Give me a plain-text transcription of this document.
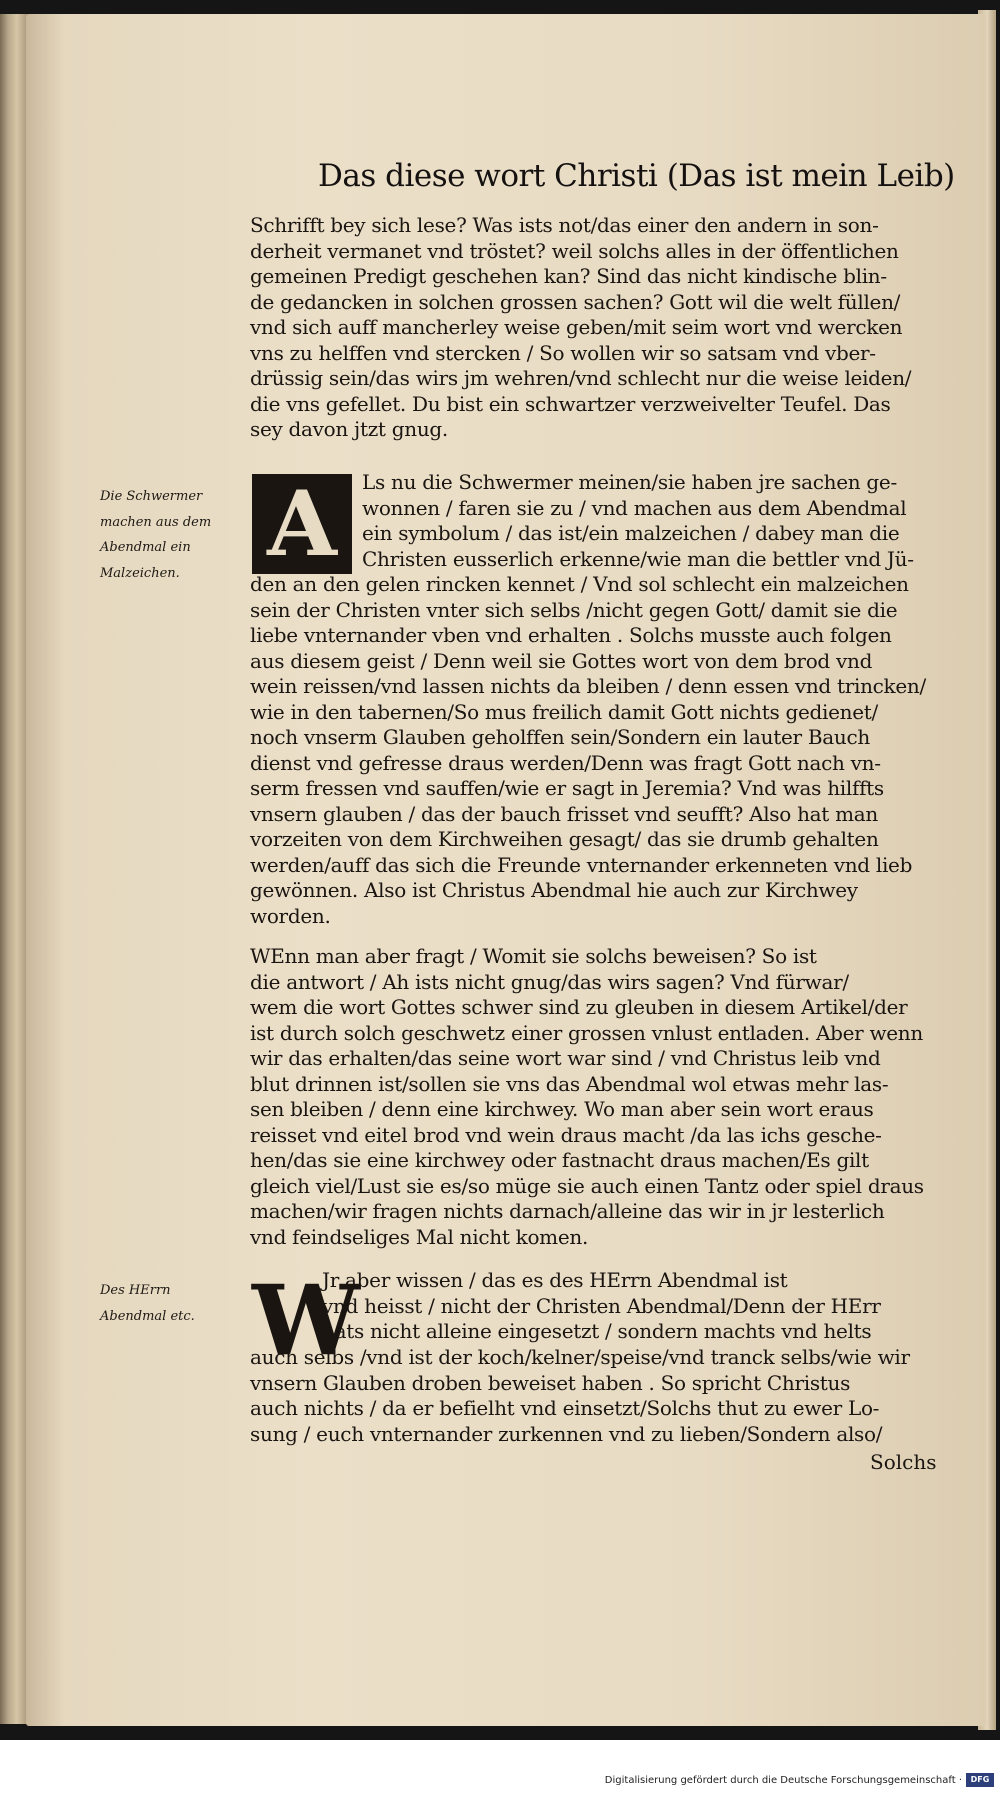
Das diese wort Christi (Das ist mein Leib)
Schrifft bey sich lese? Was ists not/das einer den andern in son-
derheit vermanet vnd tröstet? weil solchs alles in der öffentlichen
gemeinen Predigt geschehen kan? Sind das nicht kindische blin-
de gedancken in solchen grossen sachen? Gott wil die welt füllen/
vnd sich auff mancherley weise geben/mit seim wort vnd wercken
vns zu helffen vnd stercken / So wollen wir so satsam vnd vber-
drüssig sein/das wirs jm wehren/vnd schlecht nur die weise leiden/
die vns gefellet. Du bist ein schwartzer verzweivelter Teufel. Das
sey davon jtzt gnug.
Die Schwermer
machen aus dem
Abendmal ein
Malzeichen. A	Ls nu die Schwermer meinen/sie haben jre sachen ge-
wonnen / faren sie zu / vnd machen aus dem Abendmal
ein symbolum / das ist/ein malzeichen / dabey man die
Christen eusserlich erkenne/wie man die bettler vnd Jü-
den an den gelen rincken kennet / Vnd sol schlecht ein malzeichen
sein der Christen vnter sich selbs /nicht gegen Gott/ damit sie die
liebe vnternander vben vnd erhalten . Solchs musste auch folgen
aus diesem geist / Denn weil sie Gottes wort von dem brod vnd
wein reissen/vnd lassen nichts da bleiben / denn essen vnd trincken/
wie in den tabernen/So mus freilich damit Gott nichts gedienet/
noch vnserm Glauben geholffen sein/Sondern ein lauter Bauch
dienst vnd gefresse draus werden/Denn was fragt Gott nach vn-
serm fressen vnd sauffen/wie er sagt in Jeremia? Vnd was hilffts
vnsern glauben / das der bauch frisset vnd seufft? Also hat man
vorzeiten von dem Kirchweihen gesagt/ das sie drumb gehalten
werden/auff das sich die Freunde vnternander erkenneten vnd lieb
gewönnen. Also ist Christus Abendmal hie auch zur Kirchwey
worden.
WEnn man aber fragt / Womit sie solchs beweisen? So ist
die antwort / Ah ists nicht gnug/das wirs sagen? Vnd fürwar/
wem die wort Gottes schwer sind zu gleuben in diesem Artikel/der
ist durch solch geschwetz einer grossen vnlust entladen. Aber wenn
wir das erhalten/das seine wort war sind / vnd Christus leib vnd
blut drinnen ist/sollen sie vns das Abendmal wol etwas mehr las-
sen bleiben / denn eine kirchwey. Wo man aber sein wort eraus
reisset vnd eitel brod vnd wein draus macht /da las ichs gesche-
hen/das sie eine kirchwey oder fastnacht draus machen/Es gilt
gleich viel/Lust sie es/so müge sie auch einen Tantz oder spiel draus
machen/wir fragen nichts darnach/alleine das wir in jr lesterlich
vnd feindseliges Mal nicht komen.
Des HErrn
Abendmal etc. W
Jr aber wissen / das es des HErrn Abendmal ist
vnd heisst / nicht der Christen Abendmal/Denn der HErr
hats nicht alleine eingesetzt / sondern machts vnd helts
auch selbs /vnd ist der koch/kelner/speise/vnd tranck selbs/wie wir
vnsern Glauben droben beweiset haben . So spricht Christus
auch nichts / da er befielht vnd einsetzt/Solchs thut zu ewer Lo-
sung / euch vnternander zurkennen vnd zu lieben/Sondern also/
Solchs
Digitalisierung gefördert durch die Deutsche Forschungsgemeinschaft ·	DFG
